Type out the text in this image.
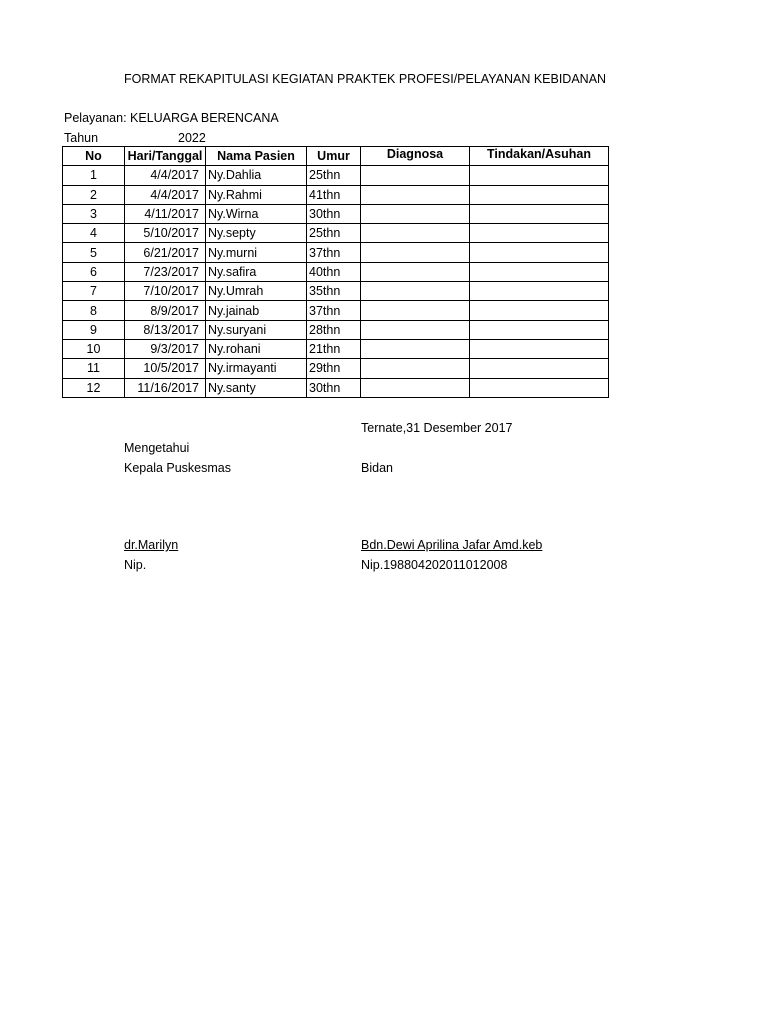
FORMAT REKAPITULASI KEGIATAN PRAKTEK PROFESI/PELAYANAN KEBIDANAN
Pelayanan: KELUARGA BERENCANA
Tahun	2022
No	Hari/Tanggal	Nama Pasien	Umur	Diagnosa	Tindakan/Asuhan
1	4/4/2017	Ny.Dahlia	25thn		
2	4/4/2017	Ny.Rahmi	41thn		
3	4/11/2017	Ny.Wirna	30thn		
4	5/10/2017	Ny.septy	25thn		
5	6/21/2017	Ny.murni	37thn		
6	7/23/2017	Ny.safira	40thn		
7	7/10/2017	Ny.Umrah	35thn		
8	8/9/2017	Ny.jainab	37thn		
9	8/13/2017	Ny.suryani	28thn		
10	9/3/2017	Ny.rohani	21thn		
11	10/5/2017	Ny.irmayanti	29thn		
12	11/16/2017	Ny.santy	30thn		
Ternate,31 Desember 2017
Mengetahui
Kepala Puskesmas	Bidan
dr.Marilyn	Bdn.Dewi Aprilina Jafar Amd.keb
Nip.	Nip.198804202011012008
